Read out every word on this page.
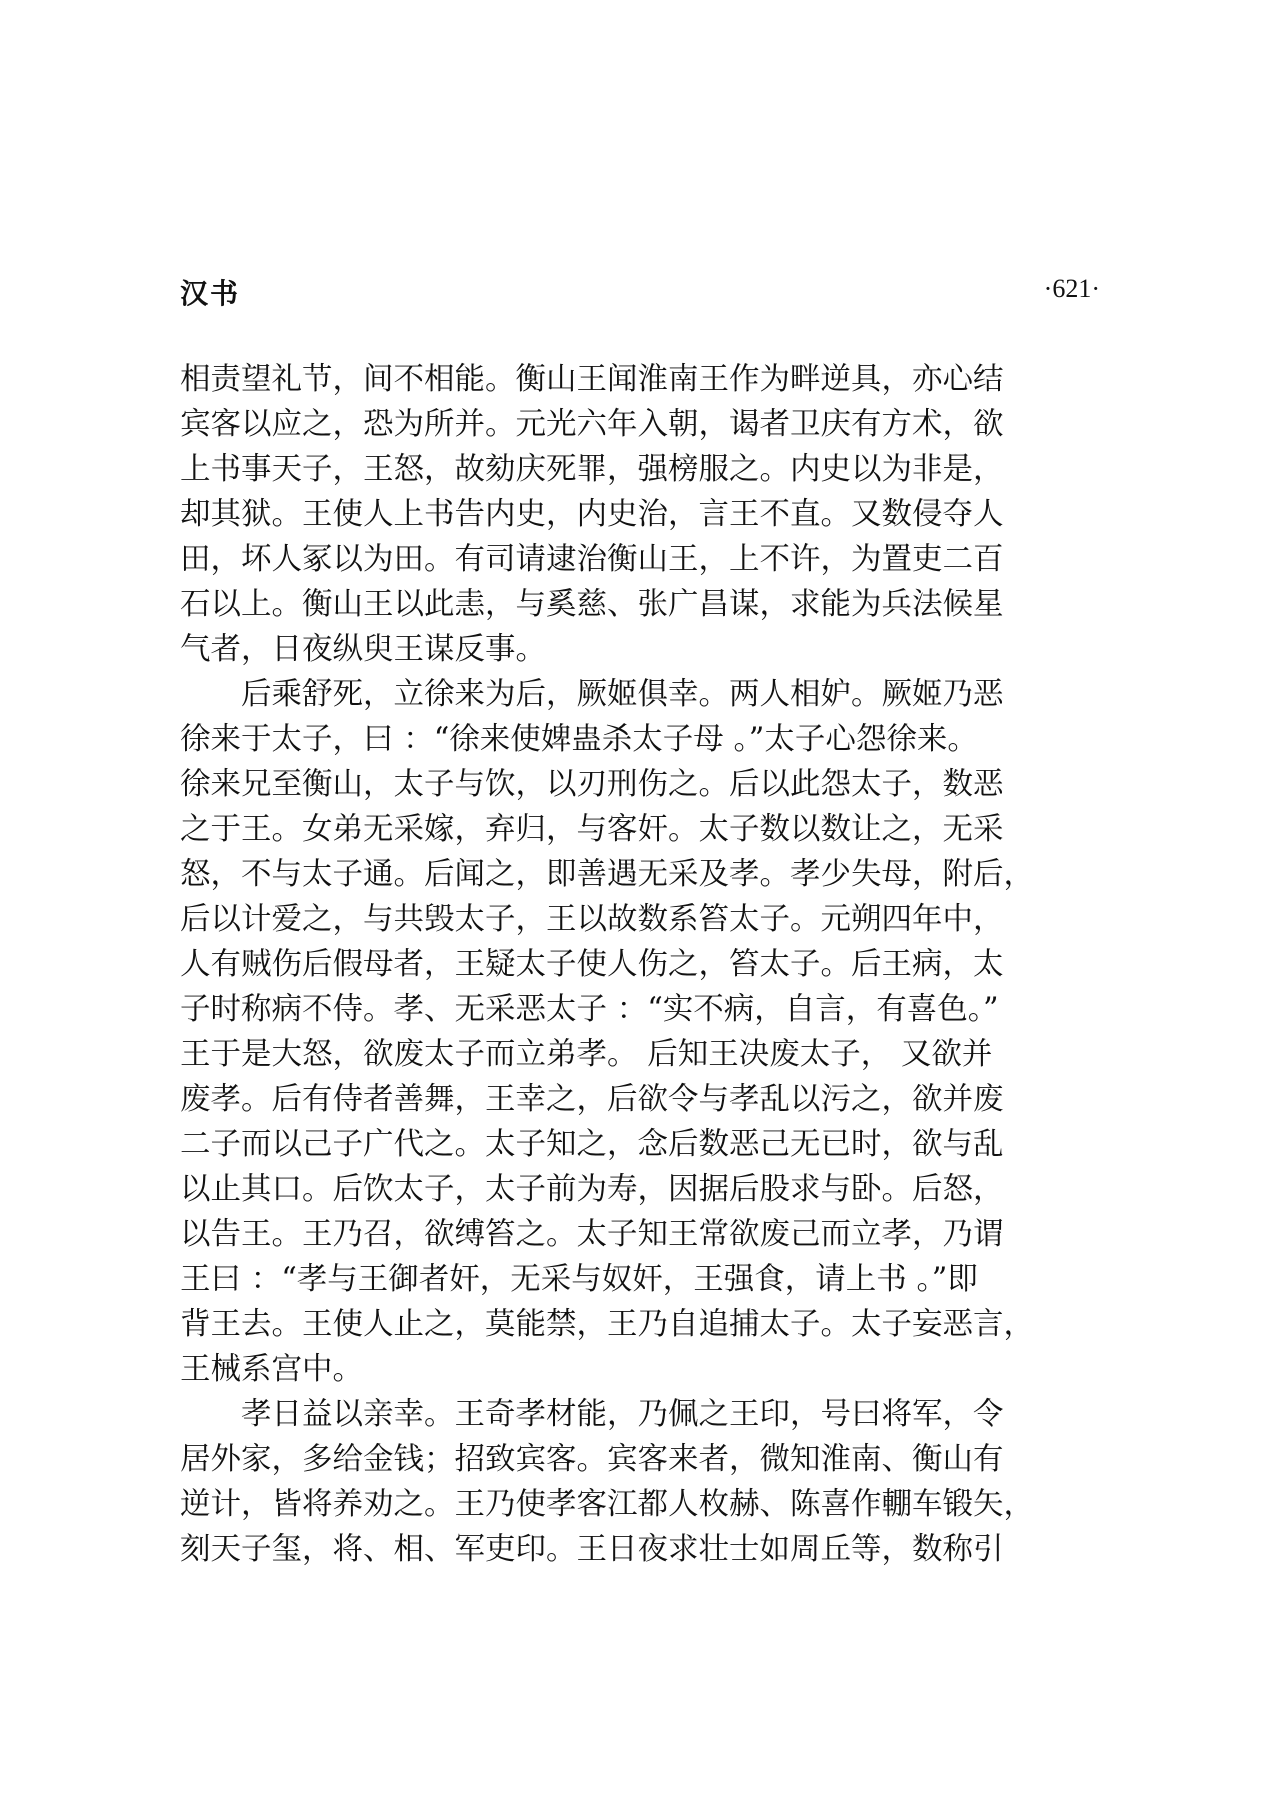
汉书	·621·
相责望礼节，间不相能。衡山王闻淮南王作为畔逆具，亦心结
宾客以应之，恐为所并。元光六年入朝，谒者卫庆有方术，欲
上书事天子，王怒，故劾庆死罪，强榜服之。内史以为非是，
却其狱。王使人上书告内史，内史治，言王不直。又数侵夺人
田，坏人冢以为田。有司请逮治衡山王，上不许，为置吏二百
石以上。衡山王以此恚，与奚慈、张广昌谋，求能为兵法候星
气者，日夜纵臾王谋反事。
　　后乘舒死，立徐来为后，厥姬俱幸。两人相妒。厥姬乃恶
徐来于太子，曰 ：“徐来使婢蛊杀太子母 。”太子心怨徐来。
徐来兄至衡山，太子与饮，以刃刑伤之。后以此怨太子，数恶
之于王。女弟无采嫁，弃归，与客奸。太子数以数让之，无采
怒，不与太子通。后闻之，即善遇无采及孝。孝少失母，附后，
后以计爱之，与共毁太子，王以故数系笞太子。元朔四年中，
人有贼伤后假母者，王疑太子使人伤之，笞太子。后王病，太
子时称病不侍。孝、无采恶太子 ：“实不病，自言，有喜色。”
王于是大怒，欲废太子而立弟孝。 后知王决废太子， 又欲并
废孝。后有侍者善舞，王幸之，后欲令与孝乱以污之，欲并废
二子而以己子广代之。太子知之，念后数恶己无已时，欲与乱
以止其口。后饮太子，太子前为寿，因据后股求与卧。后怒，
以告王。王乃召，欲缚笞之。太子知王常欲废己而立孝，乃谓
王曰 ：“孝与王御者奸，无采与奴奸，王强食，请上书 。”即
背王去。王使人止之，莫能禁，王乃自追捕太子。太子妄恶言，
王械系宫中。
　　孝日益以亲幸。王奇孝材能，乃佩之王印，号曰将军，令
居外家，多给金钱；招致宾客。宾客来者，微知淮南、衡山有
逆计，皆将养劝之。王乃使孝客江都人枚赫、陈喜作輣车锻矢，
刻天子玺，将、相、军吏印。王日夜求壮士如周丘等，数称引
